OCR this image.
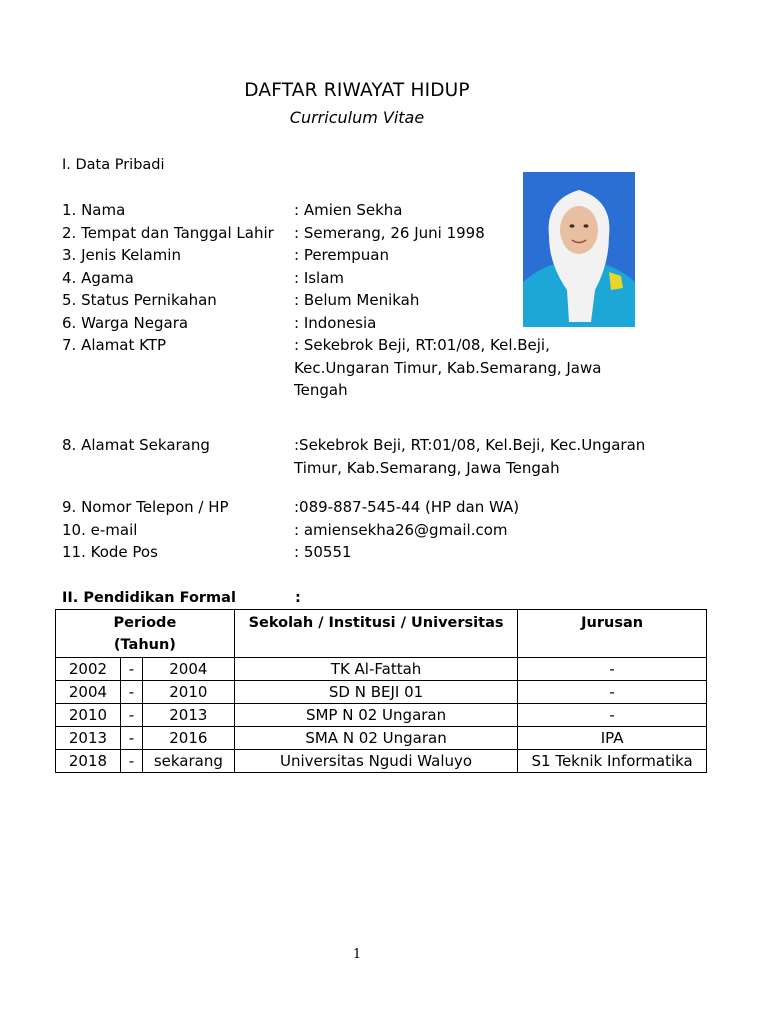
DAFTAR RIWAYAT HIDUP
Curriculum Vitae
I. Data Pribadi
1. Nama	: Amien Sekha
2. Tempat dan Tanggal Lahir	: Semerang, 26 Juni 1998
3. Jenis Kelamin	: Perempuan
4. Agama	: Islam
5. Status Pernikahan	: Belum Menikah
6. Warga Negara	: Indonesia
7. Alamat KTP	: Sekebrok Beji, RT:01/08, Kel.Beji,
Kec.Ungaran Timur, Kab.Semarang, Jawa
Tengah
8. Alamat Sekarang	:Sekebrok Beji, RT:01/08, Kel.Beji, Kec.Ungaran
Timur, Kab.Semarang, Jawa Tengah
9. Nomor Telepon / HP	:089-887-545-44 (HP dan WA)
10. e-mail	: amiensekha26@gmail.com
11. Kode Pos	: 50551
II. Pendidikan Formal	:
Periode
(Tahun)			Sekolah / Institusi / Universitas	Jurusan
2002	-	2004	TK Al-Fattah	-
2004	-	2010	SD N BEJI 01	-
2010	-	2013	SMP N 02 Ungaran	-
2013	-	2016	SMA N 02 Ungaran	IPA
2018	-	sekarang	Universitas Ngudi Waluyo	S1 Teknik Informatika
1
